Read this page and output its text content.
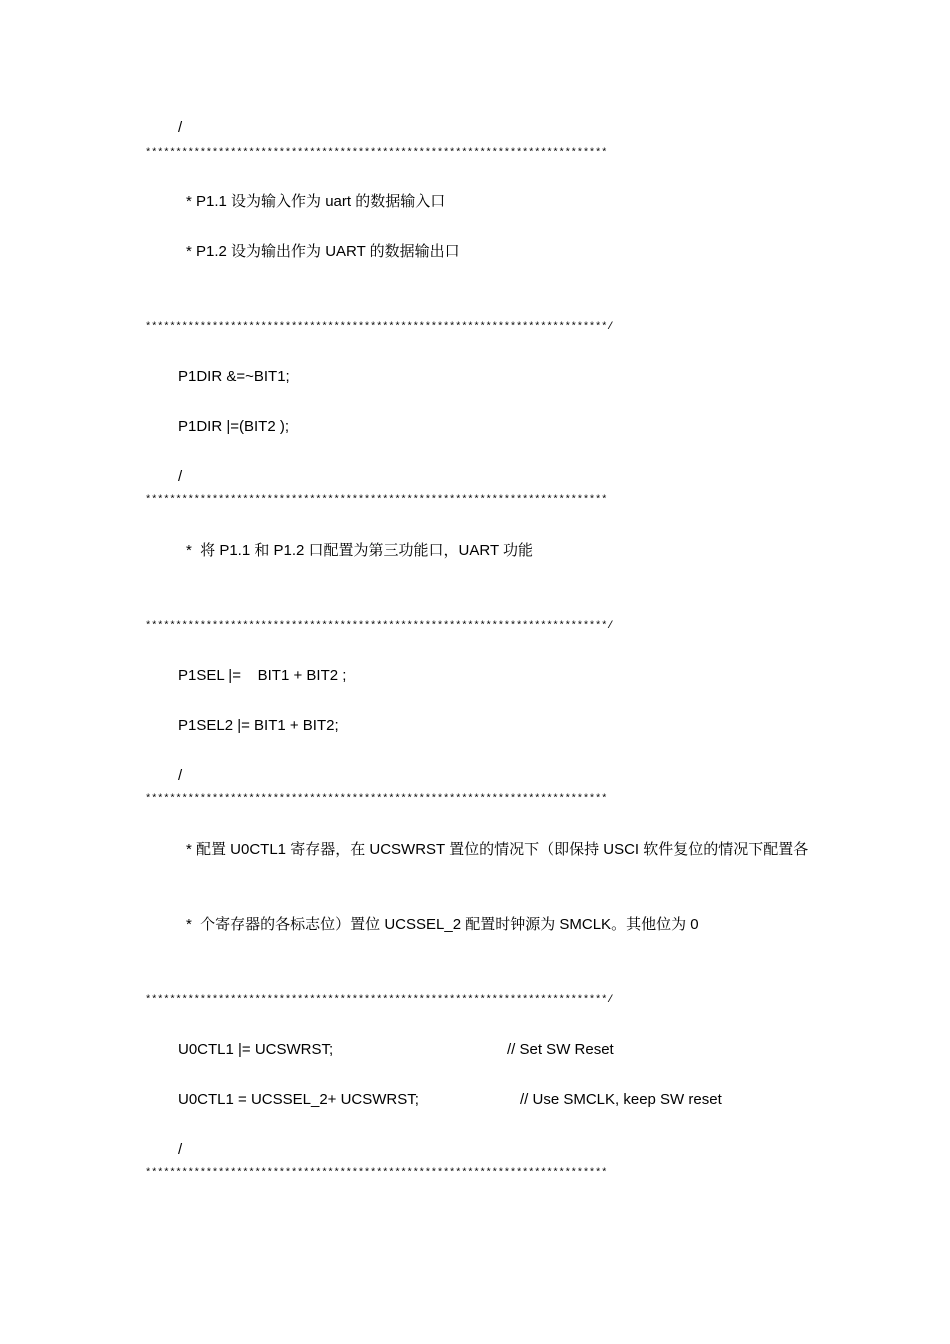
/
****************************************************************************
* P1.1 设为输入作为 uart 的数据输入口
* P1.2 设为输出作为 UART 的数据输出口
****************************************************************************/
P1DIR &=~BIT1;
P1DIR |=(BIT2 );
/
****************************************************************************
*  将 P1.1 和 P1.2 口配置为第三功能口，UART 功能
****************************************************************************/
P1SEL |=    BIT1 + BIT2 ;
P1SEL2 |= BIT1 + BIT2;
/
****************************************************************************
* 配置 U0CTL1 寄存器，在 UCSWRST 置位的情况下（即保持 USCI 软件复位的情况下配置各
*  个寄存器的各标志位）置位 UCSSEL_2 配置时钟源为 SMCLK。其他位为 0
****************************************************************************/
U0CTL1 |= UCSWRST;	// Set SW Reset
U0CTL1 = UCSSEL_2+ UCSWRST;	// Use SMCLK, keep SW reset
/
****************************************************************************
